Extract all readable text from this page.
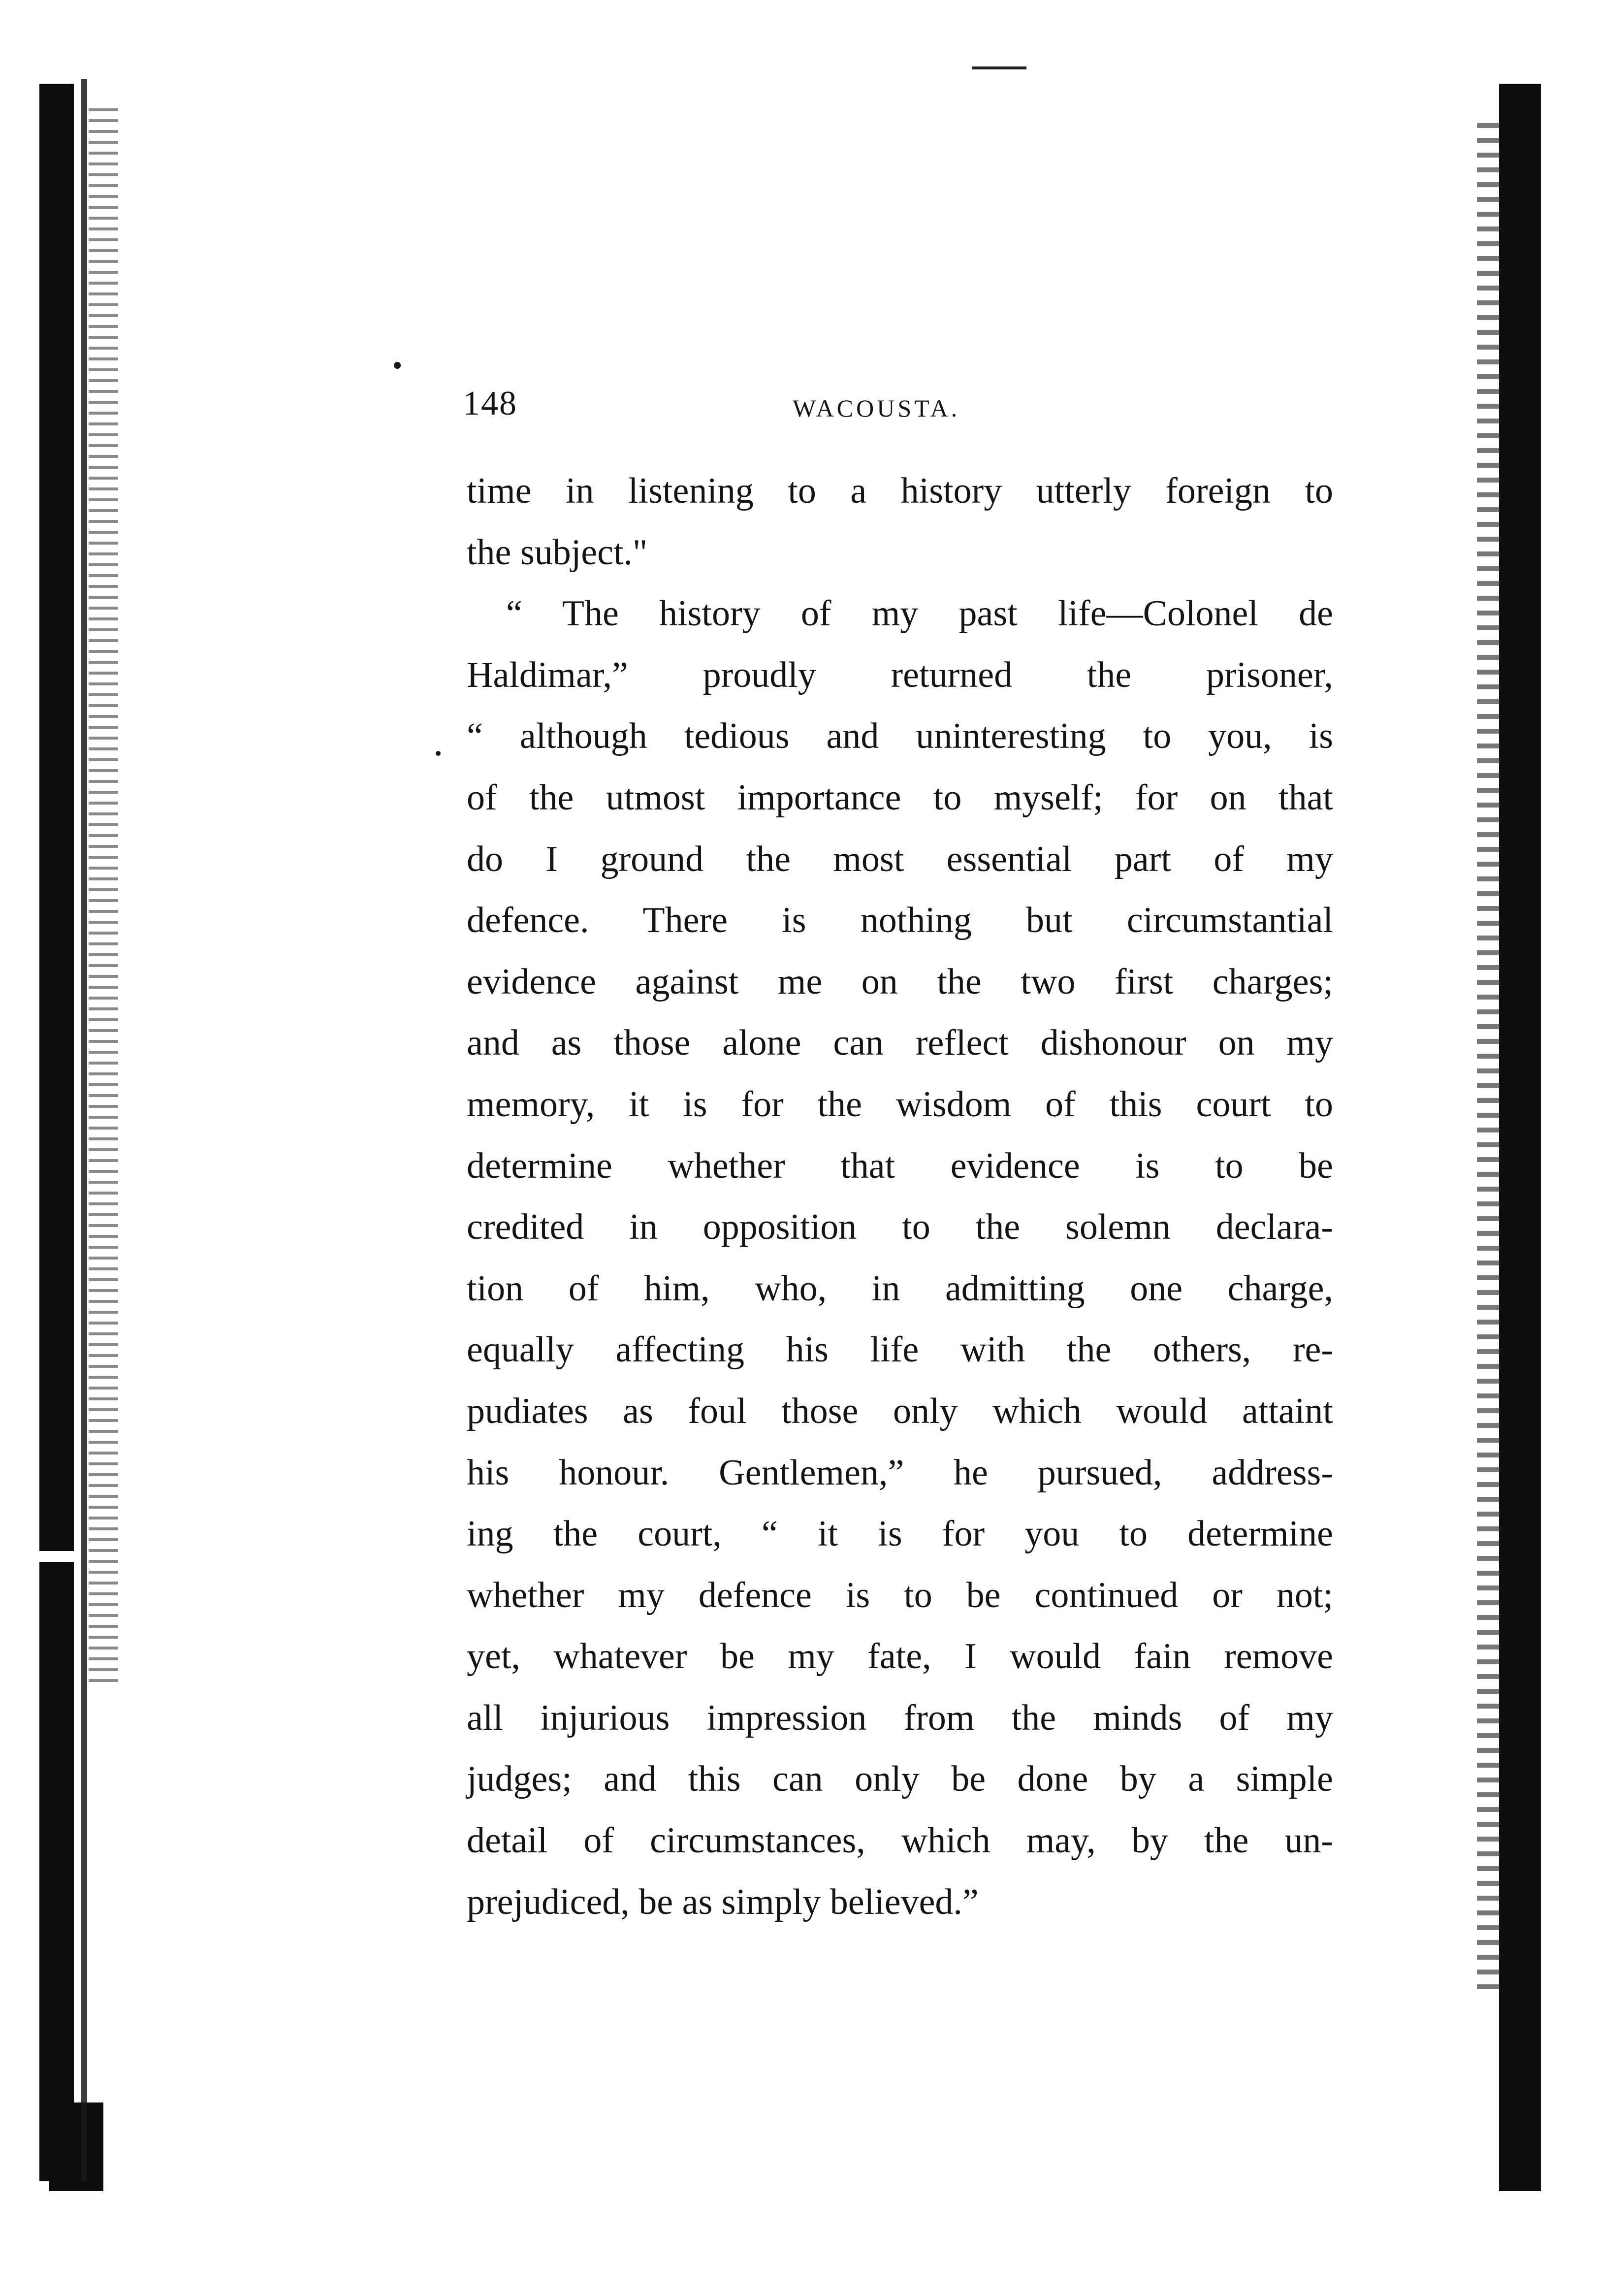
148	WACOUSTA.
time in listening to a history utterly foreign to
the subject."
“ The history of my past life—Colonel de
Haldimar,” proudly returned the prisoner,
“ although tedious and uninteresting to you, is
of the utmost importance to myself; for on that
do I ground the most essential part of my
defence. There is nothing but circumstantial
evidence against me on the two first charges;
and as those alone can reflect dishonour on my
memory, it is for the wisdom of this court to
determine whether that evidence is to be
credited in opposition to the solemn declara-
tion of him, who, in admitting one charge,
equally affecting his life with the others, re-
pudiates as foul those only which would attaint
his honour. Gentlemen,” he pursued, address-
ing the court, “ it is for you to determine
whether my defence is to be continued or not;
yet, whatever be my fate, I would fain remove
all injurious impression from the minds of my
judges; and this can only be done by a simple
detail of circumstances, which may, by the un-
prejudiced, be as simply believed.”
